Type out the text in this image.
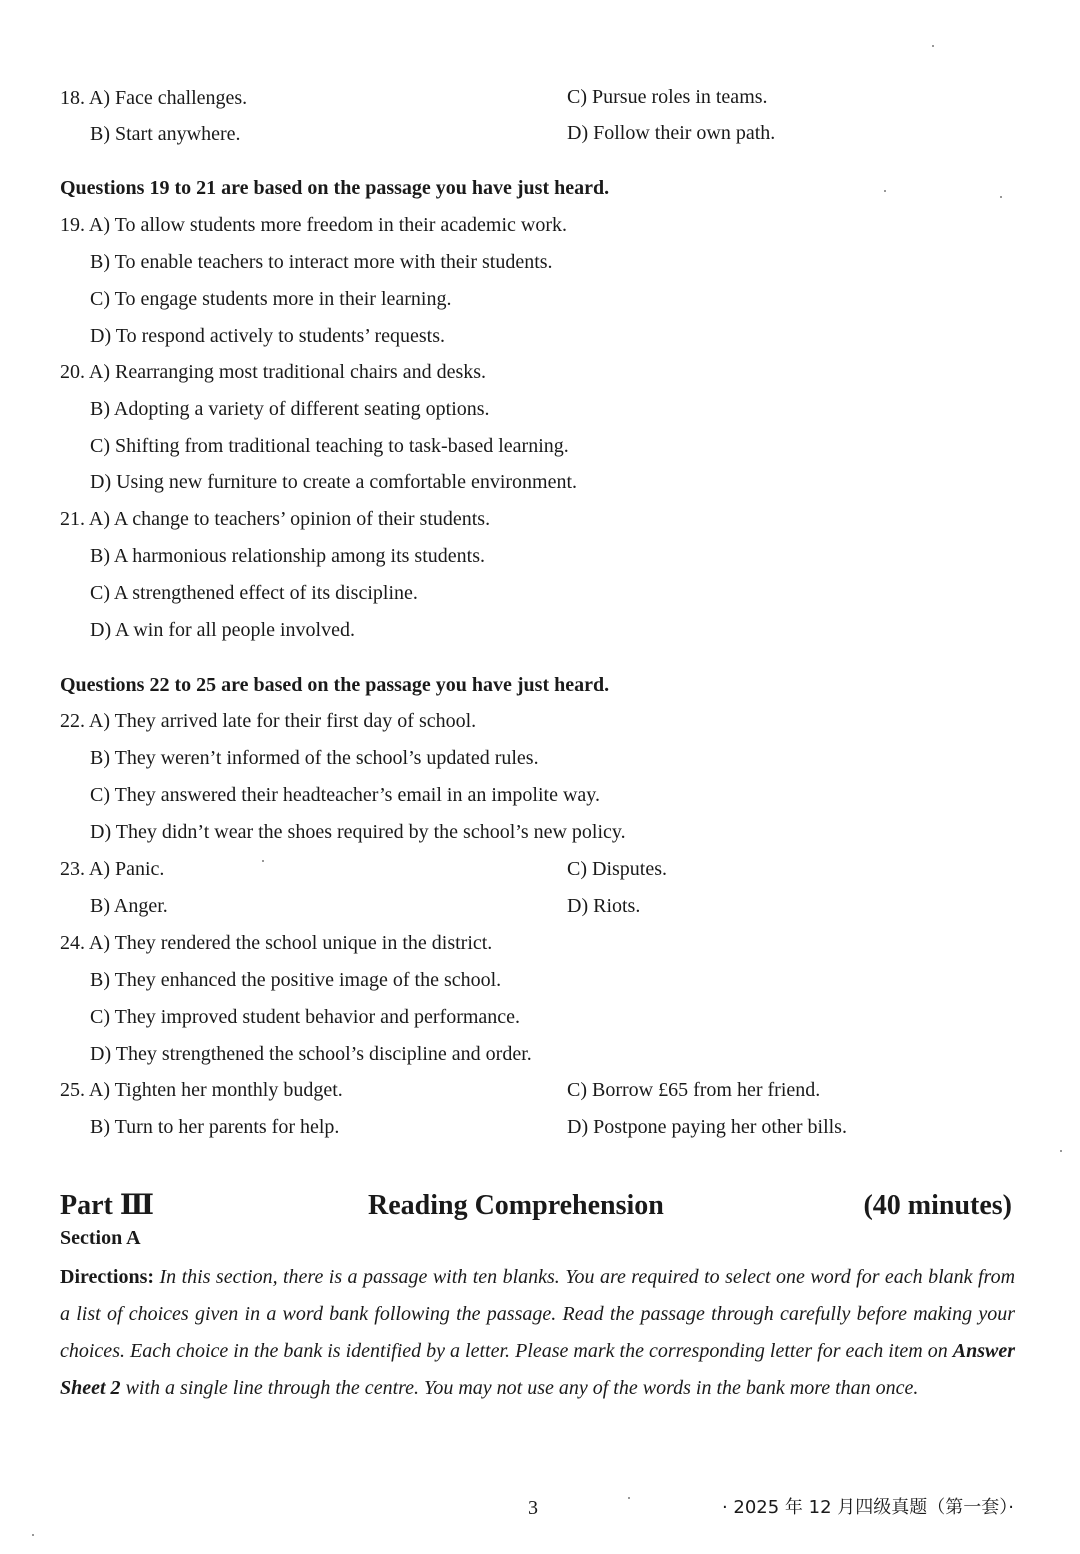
18. A) Face challenges.	C) Pursue roles in teams.
B) Start anywhere.	D) Follow their own path.
Questions 19 to 21 are based on the passage you have just heard.
19. A) To allow students more freedom in their academic work.
B) To enable teachers to interact more with their students.
C) To engage students more in their learning.
D) To respond actively to students’ requests.
20. A) Rearranging most traditional chairs and desks.
B) Adopting a variety of different seating options.
C) Shifting from traditional teaching to task-based learning.
D) Using new furniture to create a comfortable environment.
21. A) A change to teachers’ opinion of their students.
B) A harmonious relationship among its students.
C) A strengthened effect of its discipline.
D) A win for all people involved.
Questions 22 to 25 are based on the passage you have just heard.
22. A) They arrived late for their first day of school.
B) They weren’t informed of the school’s updated rules.
C) They answered their headteacher’s email in an impolite way.
D) They didn’t wear the shoes required by the school’s new policy.
23. A) Panic.	C) Disputes.
B) Anger.	D) Riots.
24. A) They rendered the school unique in the district.
B) They enhanced the positive image of the school.
C) They improved student behavior and performance.
D) They strengthened the school’s discipline and order.
25. A) Tighten her monthly budget.	C) Borrow £65 from her friend.
B) Turn to her parents for help.	D) Postpone paying her other bills.
Part Ⅲ	Reading Comprehension	(40 minutes)
Section A
Directions: In this section, there is a passage with ten blanks. You are required to select one word for each blank from a list of choices given in a word bank following the passage. Read the passage through carefully before making your choices. Each choice in the bank is identified by a letter. Please mark the corresponding letter for each item on Answer Sheet 2 with a single line through the centre. You may not use any of the words in the bank more than once.
3	· 2025 年 12 月四级真题（第一套）·
